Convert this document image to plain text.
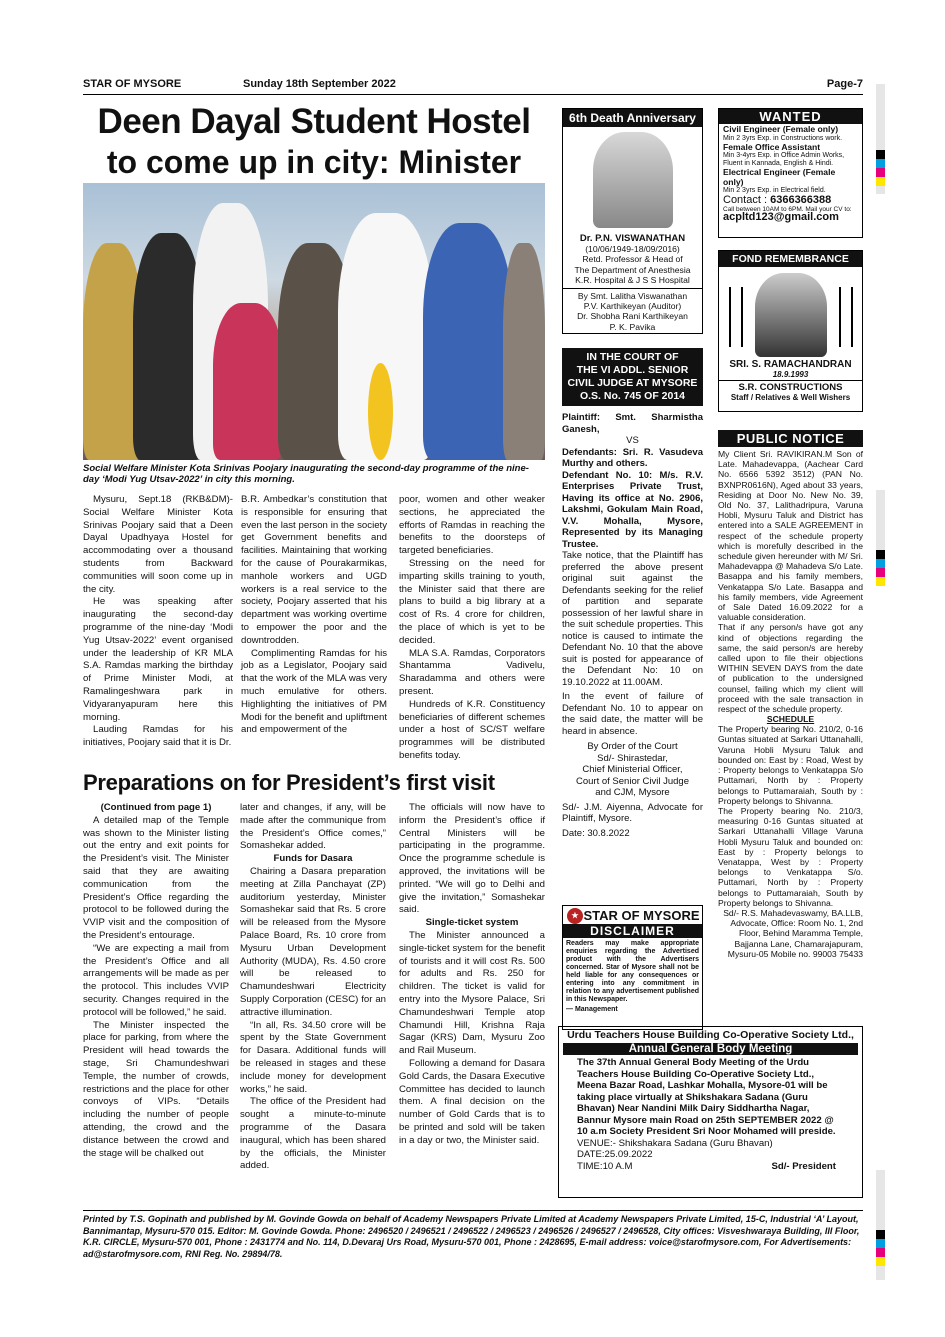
STAR OF MYSORE	Sunday 18th September 2022	Page-7
Deen Dayal Student Hostel
to come up in city: Minister
Social Welfare Minister Kota Srinivas Poojary inaugurating the second-day programme of the nine-day ‘Modi Yug Utsav-2022’ in city this morning.

Mysuru, Sept.18 (RKB&DM)- Social Welfare Minister Kota Srinivas Poojary said that a Deen Dayal Upadhyaya Hostel for accommodating over a thousand students from Backward communities will soon come up in the city.

He was speaking after inaugurating the second-day programme of the nine-day ‘Modi Yug Utsav-2022’ event organised under the leadership of KR MLA S.A. Ramdas marking the birthday of Prime Minister Modi, at Ramalingeshwara park in Vidyaranyapuram here this morning.

Lauding Ramdas for his initiatives, Poojary said that it is Dr.

B.R. Ambedkar’s constitution that is responsible for ensuring that even the last person in the society get Government benefits and facilities. Maintaining that working for the cause of Pourakarmikas, manhole workers and UGD workers is a real service to the society, Poojary asserted that his department was working overtime to empower the poor and the downtrodden.

Complimenting Ramdas for his job as a Legislator, Poojary said that the work of the MLA was very much emulative for others. Highlighting the initiatives of PM Modi for the benefit and upliftment and empowerment of the

poor, women and other weaker sections, he appreciated the efforts of Ramdas in reaching the benefits to the doorsteps of targeted beneficiaries.

Stressing on the need for imparting skills training to youth, the Minister said that there are plans to build a big library at a cost of Rs. 4 crore for children, the place of which is yet to be decided.

MLA S.A. Ramdas, Corporators Shantamma Vadivelu, Sharadamma and others were present.

Hundreds of K.R. Constituency beneficiaries of different schemes under a host of SC/ST welfare programmes will be distributed benefits today.

Preparations on for President’s first visit

(Continued from page 1)

A detailed map of the Temple was shown to the Minister listing out the entry and exit points for the President’s visit. The Minister said that they are awaiting communication from the President’s Office regarding the protocol to be followed during the VVIP visit and the composition of the President’s entourage.

“We are expecting a mail from the President’s Office and all arrangements will be made as per the protocol. This includes VVIP security. Changes required in the protocol will be followed,” he said.

The Minister inspected the place for parking, from where the President will head towards the stage, Sri Chamundeshwari Temple, the number of crowds, restrictions and the place for other convoys of VIPs. “Details including the number of people attending, the crowd and the distance between the crowd and the stage will be chalked out

later and changes, if any, will be made after the communique from the President’s Office comes,” Somashekar added.

Funds for Dasara

Chairing a Dasara preparation meeting at Zilla Panchayat (ZP) auditorium yesterday, Minister Somashekar said that Rs. 5 crore will be released from the Mysore Palace Board, Rs. 10 crore from Mysuru Urban Development Authority (MUDA), Rs. 4.50 crore will be released to Chamundeshwari Electricity Supply Corporation (CESC) for an attractive illumination.

“In all, Rs. 34.50 crore will be spent by the State Government for Dasara. Additional funds will be released in stages and these include money for development works,” he said.

The office of the President had sought a minute-to-minute programme of the Dasara inaugural, which has been shared by the officials, the Minister added.

The officials will now have to inform the President’s office if Central Ministers will be participating in the programme. Once the programme schedule is approved, the invitations will be printed. “We will go to Delhi and give the invitation,” Somashekar said.

Single-ticket system

The Minister announced a single-ticket system for the benefit of tourists and it will cost Rs. 500 for adults and Rs. 250 for children. The ticket is valid for entry into the Mysore Palace, Sri Chamundeshwari Temple atop Chamundi Hill, Krishna Raja Sagar (KRS) Dam, Mysuru Zoo and Rail Museum.

Following a demand for Dasara Gold Cards, the Dasara Executive Committee has decided to launch them. A final decision on the number of Gold Cards that is to be printed and sold will be taken in a day or two, the Minister said.

6th Death Anniversary
Dr. P.N. VISWANATHAN
(10/06/1949-18/09/2016)
Retd. Professor & Head of
The Department of Anesthesia
K.R. Hospital & J S S Hospital
By Smt. Lalitha Viswanathan
P.V. Karthikeyan (Auditor)
Dr. Shobha Rani Karthikeyan
P. K. Pavika
IN THE COURT OF
THE VI ADDL. SENIOR
CIVIL JUDGE AT MYSORE
O.S. No. 745 OF 2014
Plaintiff: Smt. Sharmistha Ganesh,
VS
Defendants: Sri. R. Vasudeva Murthy and others.
Defendant No. 10: M/s. R.V. Enterprises Private Trust, Having its office at No. 2906, Lakshmi, Gokulam Main Road, V.V. Mohalla, Mysore, Represented by its Managing Trustee.
Take notice, that the Plaintiff has preferred the above present original suit against the Defendants seeking for the relief of partition and separate possession of her lawful share in the suit schedule properties. This notice is caused to intimate the Defendant No. 10 that the above suit is posted for appearance of the Defendant No: 10 on 19.10.2022 at 11.00AM.
In the event of failure of Defendant No. 10 to appear on the said date, the matter will be heard in absence.
By Order of the Court
Sd/- Shirastedar,
Chief Ministerial Officer,
Court of Senior Civil Judge
and CJM, Mysore
Sd/- J.M. Aiyenna, Advocate for Plaintiff, Mysore.
Date: 30.8.2022
★ STAR OF MYSORE
DISCLAIMER
Readers may make appropriate enquiries regarding the Advertised product with the Advertisers concerned. Star of Mysore shall not be held liable for any consequences or entering into any commitment in relation to any advertisement published in this Newspaper.
— Management
WANTED
Civil Engineer (Female only)
Min 2 3yrs Exp. in Constructions work.
Female Office Assistant
Min 3-4yrs Exp. in Office Admin Works, Fluent in Kannada, English & Hindi.
Electrical Engineer (Female only)
Min 2 3yrs Exp. in Electrical field.
Contact : 6366366388
Call between 10AM to 6PM. Mail your CV to:
acpltd123@gmail.com
FOND REMEMBRANCE
SRI. S. RAMACHANDRAN
18.9.1993
S.R. CONSTRUCTIONS
Staff / Relatives & Well Wishers
PUBLIC NOTICE
My Client Sri. RAVIKIRAN.M Son of Late. Mahadevappa, (Aachear Card No. 6566 5392 3512) (PAN No. BXNPR0616N), Aged about 33 years, Residing at Door No. New No. 39, Old No. 37, Lalithadripura, Varuna Hobli, Mysuru Taluk and District has entered into a SALE AGREEMENT in respect of the schedule property which is morefully described in the schedule given hereunder with M/ Sri. Mahadevappa @ Mahadeva S/o Late. Basappa and his family members, Venkatappa S/o Late. Basappa and his family members, vide Agreement of Sale Dated 16.09.2022 for a valuable consideration.
That if any person/s have got any kind of objections regarding the same, the said person/s are hereby called upon to file their objections WITHIN SEVEN DAYS from the date of publication to the undersigned counsel, failing which my client will proceed with the sale transaction in respect of the schedule property.
SCHEDULE
The Property bearing No. 210/2, 0-16 Guntas situated at Sarkari Uttanahalli, Varuna Hobli Mysuru Taluk and bounded on: East by : Road, West by : Property belongs to Venkatappa S/o Puttamari, North by : Property belongs to Puttamaraiah, South by : Property belongs to Shivanna.
The Property bearing No. 210/3, measuring 0-16 Guntas situated at Sarkari Uttanahalli Village Varuna Hobli Mysuru Taluk and bounded on: East by : Property belongs to Venatappa, West by : Property belongs to Venkatappa S/o. Puttamari, North by : Property belongs to Puttamaraiah, South by Property belongs to Shivanna.
Sd/- R.S. Mahadevaswamy, BA.LLB, Advocate, Office: Room No. 1, 2nd Floor, Behind Maramma Temple, Bajjanna Lane, Chamarajapuram, Mysuru-05 Mobile no. 99003 75433
Urdu Teachers House Building Co-Operative Society Ltd.,
Annual General Body Meeting
The 37th Annual General Body Meeting of the Urdu Teachers House Building Co-Operative Society Ltd., Meena Bazar Road, Lashkar Mohalla, Mysore-01 will be taking place virtually at Shikshakara Sadana (Guru Bhavan) Near Nandini Milk Dairy Siddhartha Nagar, Bannur Mysore main Road on 25th SEPTEMBER 2022 @ 10 a.m Society President Sri Noor Mohamed will preside.
VENUE:- Shikshakara Sadana (Guru Bhavan)
DATE:25.09.2022
TIME:10 A.M	Sd/- President
Printed by T.S. Gopinath and published by M. Govinde Gowda on behalf of Academy Newspapers Private Limited at Academy Newspapers Private Limited, 15-C, Industrial ‘A’ Layout, Bannimantap, Mysuru-570 015. Editor: M. Govinde Gowda. Phone: 2496520 / 2496521 / 2496522 / 2496523 / 2496526 / 2496527 / 2496528, City offices: Visveshwaraya Building, III Floor, K.R. CIRCLE, Mysuru-570 001, Phone : 2431774 and No. 114, D.Devaraj Urs Road, Mysuru-570 001, Phone : 2428695, E-mail address: voice@starofmysore.com, For Advertisements: ad@starofmysore.com, RNI Reg. No. 29894/78.
